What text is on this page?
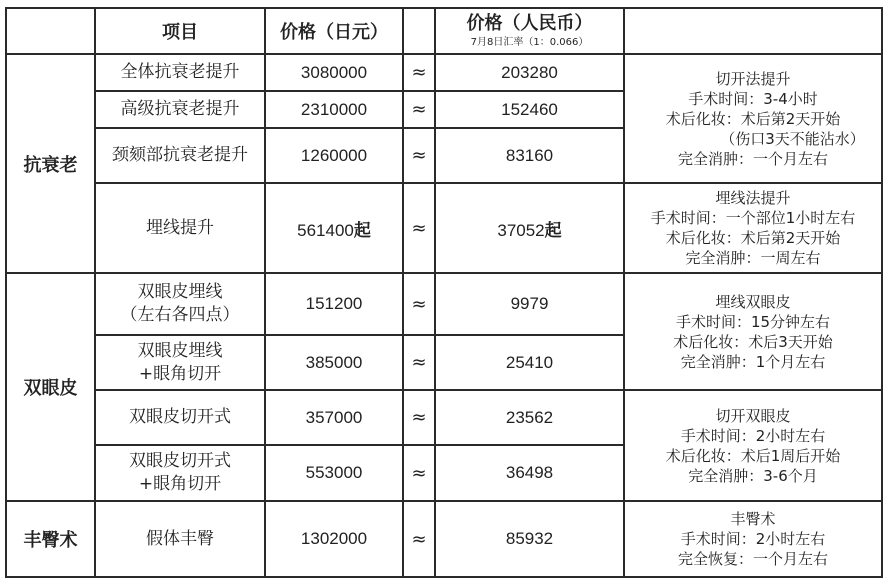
	项目	价格（日元）		价格（人民币）
7月8日汇率（1：0.066）	

抗衰老	全体抗衰老提升	3080000	≈	203280	切开法提升
手术时间：3-4小时
术后化妆：术后第2天开始
（伤口3天不能沾水）
完全消肿：一个月左右

	高级抗衰老提升	2310000	≈	152460	
	颈颏部抗衰老提升	1260000	≈	83160	
	埋线提升	561400起	≈	37052起	埋线法提升
手术时间：一个部位1小时左右
术后化妆：术后第2天开始
完全消肿：一周左右

双眼皮	双眼皮埋线
（左右各四点）	151200	≈	9979	埋线双眼皮
手术时间：15分钟左右
术后化妆：术后3天开始
完全消肿：1个月左右

	双眼皮埋线
+眼角切开	385000	≈	25410	
	双眼皮切开式	357000	≈	23562	切开双眼皮
手术时间：2小时左右
术后化妆：术后1周后开始
完全消肿：3-6个月

	双眼皮切开式
+眼角切开	553000	≈	36498	
丰臀术	假体丰臀	1302000	≈	85932	丰臀术
手术时间：2小时左右
完全恢复：一个月左右
